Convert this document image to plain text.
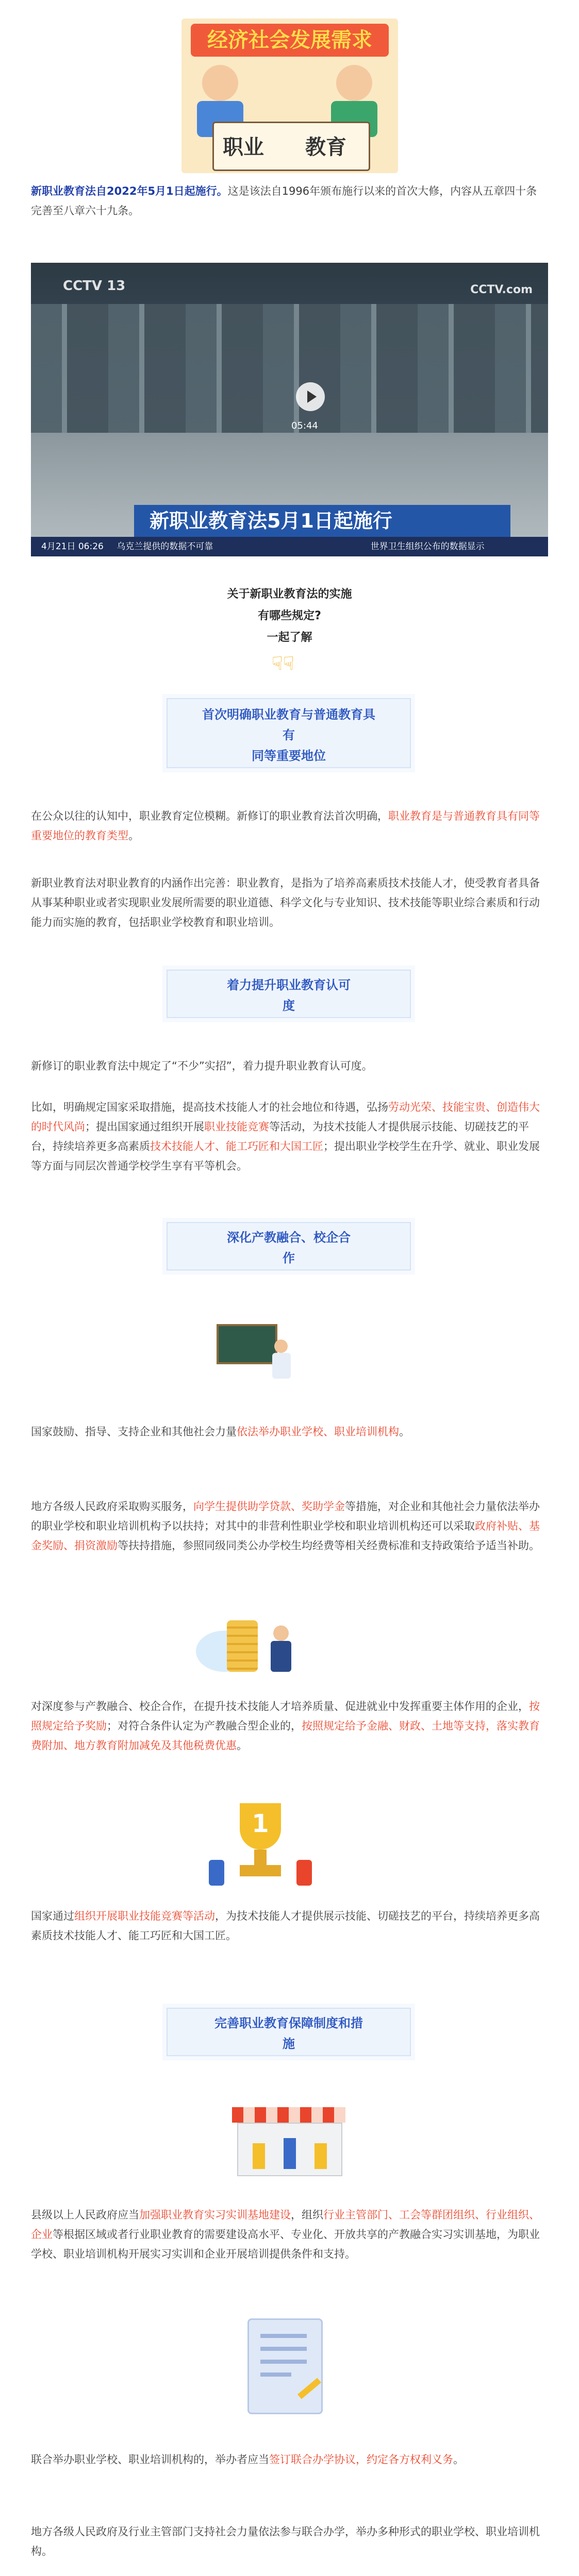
经济社会发展需求
职业 教育

新职业教育法自2022年5月1日起施行。这是该法自1996年颁布施行以来的首次大修，内容从五章四十条完善至八章六十九条。

CCTV 13	CCTV.com
05:44
新职业教育法5月1日起施行
4月21日 06:26 乌克兰提供的数据不可靠	世界卫生组织公布的数据显示
关于新职业教育法的实施
有哪些规定?
一起了解
☟☟
首次明确职业教育与普通教育具
有
同等重要地位

在公众以往的认知中，职业教育定位模糊。新修订的职业教育法首次明确，职业教育是与普通教育具有同等重要地位的教育类型。

新职业教育法对职业教育的内涵作出完善：职业教育，是指为了培养高素质技术技能人才，使受教育者具备从事某种职业或者实现职业发展所需要的职业道德、科学文化与专业知识、技术技能等职业综合素质和行动能力而实施的教育，包括职业学校教育和职业培训。

着力提升职业教育认可
度

新修订的职业教育法中规定了“不少”实招”，着力提升职业教育认可度。

比如，明确规定国家采取措施，提高技术技能人才的社会地位和待遇，弘扬劳动光荣、技能宝贵、创造伟大的时代风尚；提出国家通过组织开展职业技能竞赛等活动，为技术技能人才提供展示技能、切磋技艺的平台，持续培养更多高素质技术技能人才、能工巧匠和大国工匠；提出职业学校学生在升学、就业、职业发展等方面与同层次普通学校学生享有平等机会。

深化产教融合、校企合
作

国家鼓励、指导、支持企业和其他社会力量依法举办职业学校、职业培训机构。

地方各级人民政府采取购买服务，向学生提供助学贷款、奖助学金等措施，对企业和其他社会力量依法举办的职业学校和职业培训机构予以扶持；对其中的非营利性职业学校和职业培训机构还可以采取政府补贴、基金奖励、捐资激励等扶持措施，参照同级同类公办学校生均经费等相关经费标准和支持政策给予适当补助。

对深度参与产教融合、校企合作，在提升技术技能人才培养质量、促进就业中发挥重要主体作用的企业，按照规定给予奖励；对符合条件认定为产教融合型企业的，按照规定给予金融、财政、土地等支持，落实教育费附加、地方教育附加减免及其他税费优惠。

1

国家通过组织开展职业技能竞赛等活动，为技术技能人才提供展示技能、切磋技艺的平台，持续培养更多高素质技术技能人才、能工巧匠和大国工匠。

完善职业教育保障制度和措
施

县级以上人民政府应当加强职业教育实习实训基地建设，组织行业主管部门、工会等群团组织、行业组织、企业等根据区域或者行业职业教育的需要建设高水平、专业化、开放共享的产教融合实习实训基地，为职业学校、职业培训机构开展实习实训和企业开展培训提供条件和支持。

联合举办职业学校、职业培训机构的，举办者应当签订联合办学协议，约定各方权利义务。

地方各级人民政府及行业主管部门支持社会力量依法参与联合办学，举办多种形式的职业学校、职业培训机构。
